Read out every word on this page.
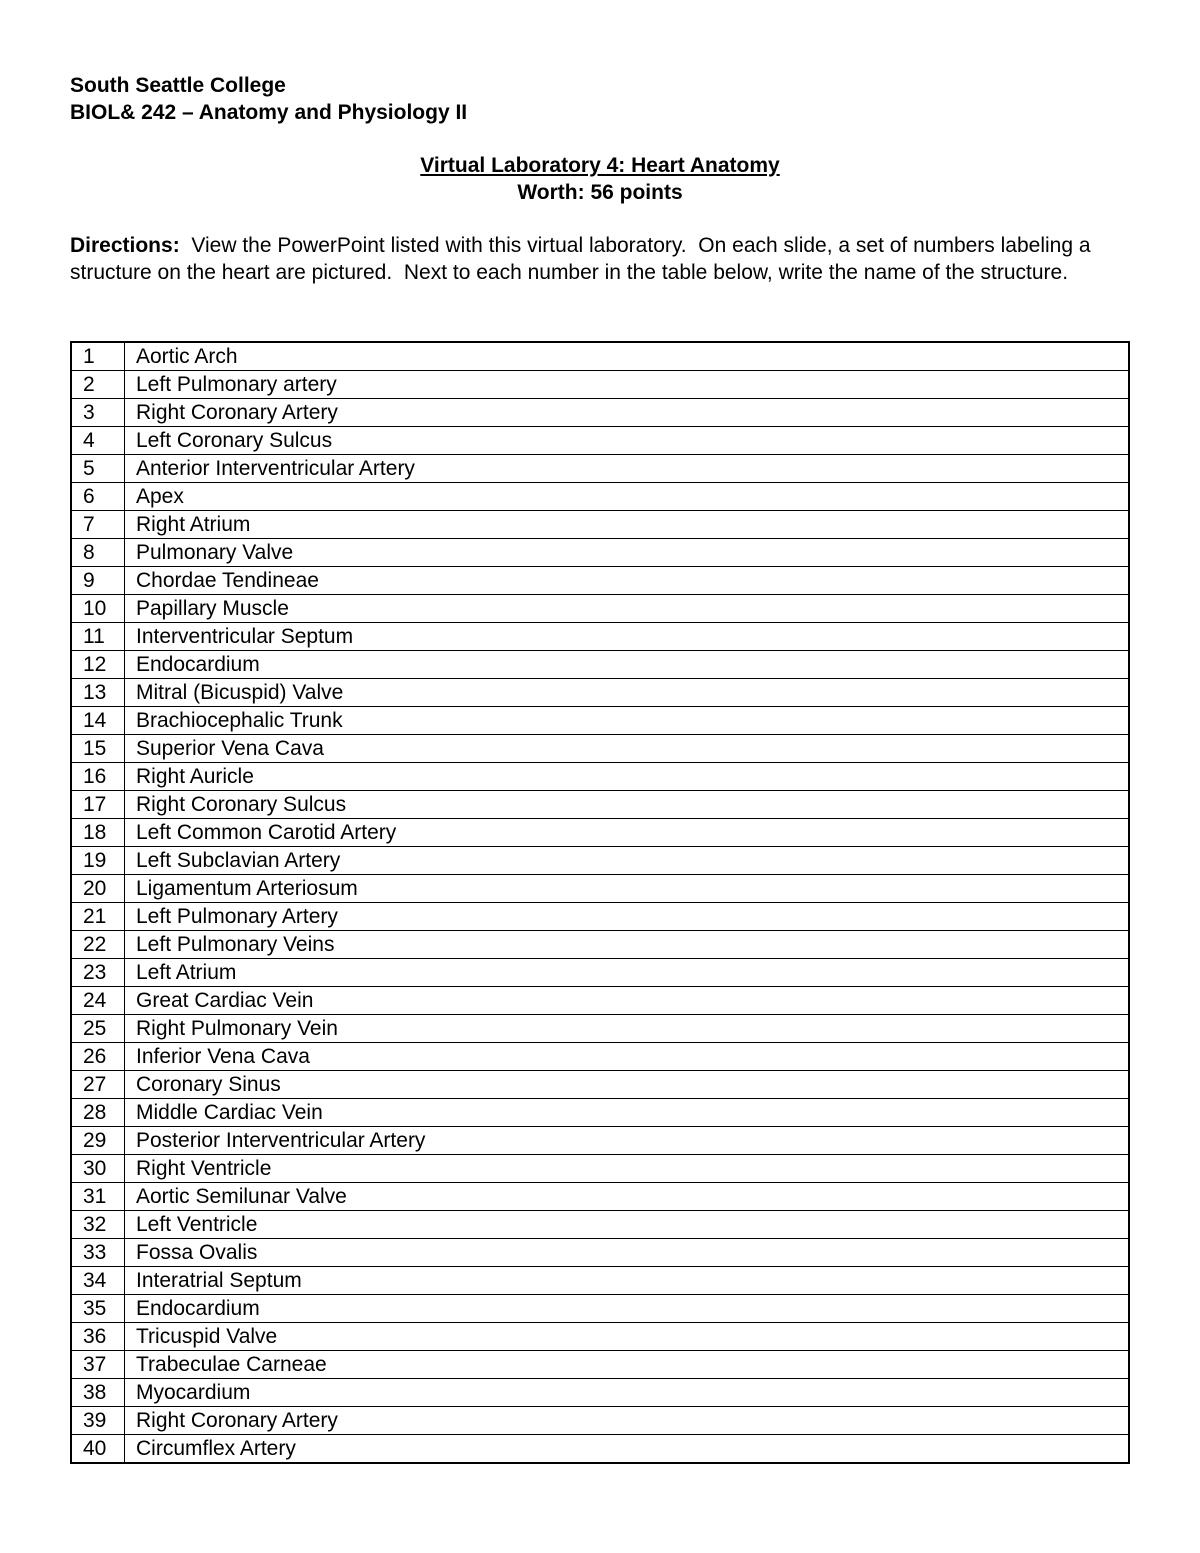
South Seattle College

BIOL& 242 – Anatomy and Physiology II

Virtual Laboratory 4: Heart Anatomy

Worth: 56 points

Directions:  View the PowerPoint listed with this virtual laboratory.  On each slide, a set of numbers labeling a structure on the heart are pictured.  Next to each number in the table below, write the name of the structure.
1	Aortic Arch
2	Left Pulmonary artery
3	Right Coronary Artery
4	Left Coronary Sulcus
5	Anterior Interventricular Artery
6	Apex
7	Right Atrium
8	Pulmonary Valve
9	Chordae Tendineae
10	Papillary Muscle
11	Interventricular Septum
12	Endocardium
13	Mitral (Bicuspid) Valve
14	Brachiocephalic Trunk
15	Superior Vena Cava
16	Right Auricle
17	Right Coronary Sulcus
18	Left Common Carotid Artery
19	Left Subclavian Artery
20	Ligamentum Arteriosum
21	Left Pulmonary Artery
22	Left Pulmonary Veins
23	Left Atrium
24	Great Cardiac Vein
25	Right Pulmonary Vein
26	Inferior Vena Cava
27	Coronary Sinus
28	Middle Cardiac Vein
29	Posterior Interventricular Artery
30	Right Ventricle
31	Aortic Semilunar Valve
32	Left Ventricle
33	Fossa Ovalis
34	Interatrial Septum
35	Endocardium
36	Tricuspid Valve
37	Trabeculae Carneae
38	Myocardium
39	Right Coronary Artery
40	Circumflex Artery
